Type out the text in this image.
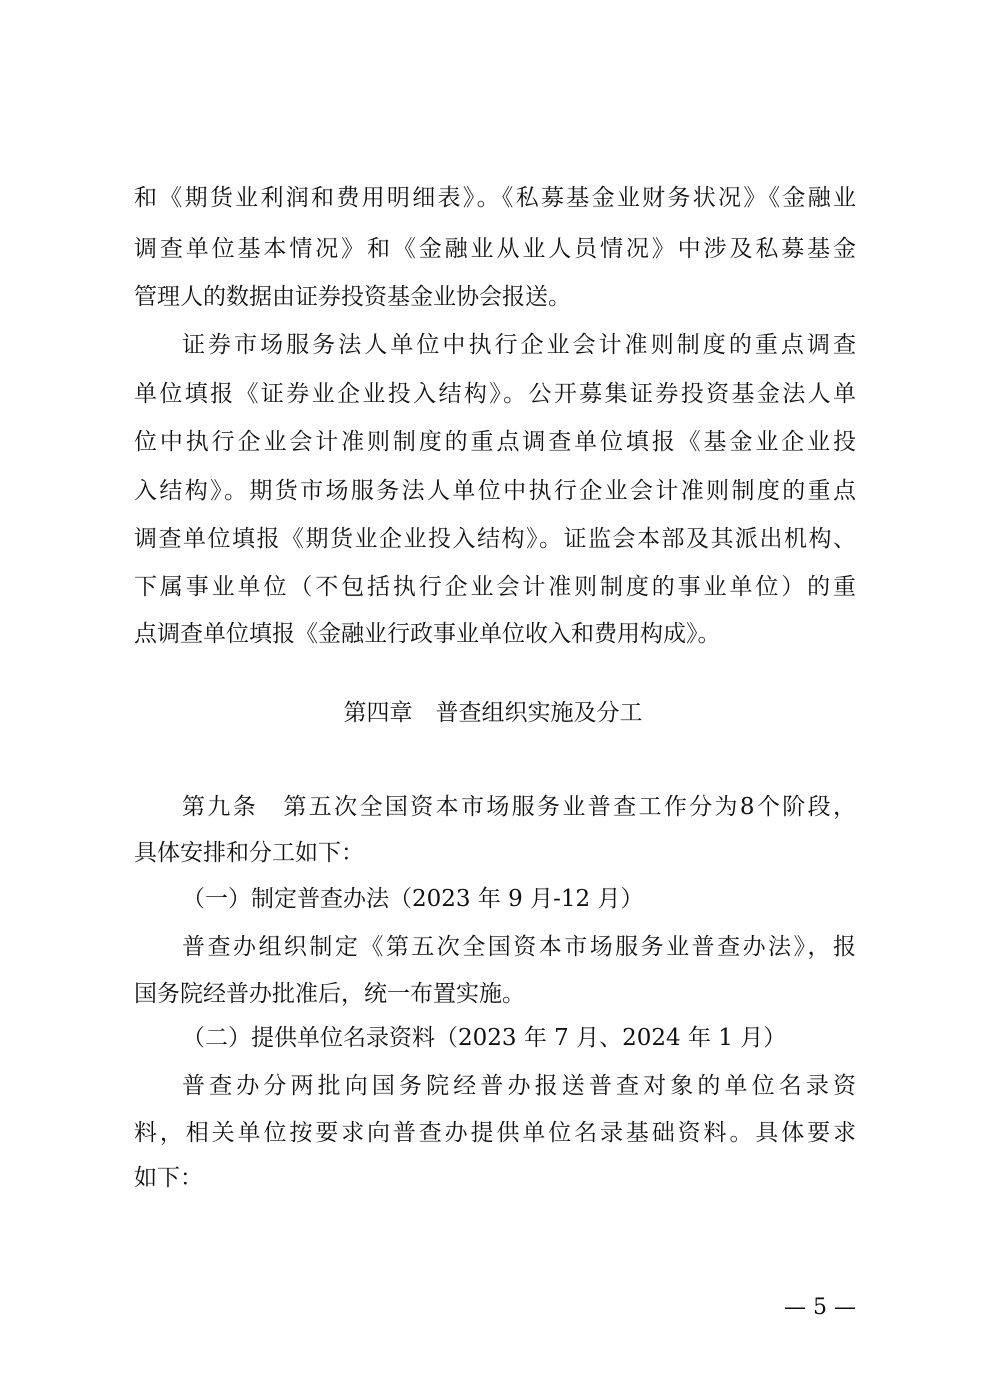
和《期货业利润和费用明细表》。《私募基金业财务状况》《金融业
调查单位基本情况》和《金融业从业人员情况》中涉及私募基金
管理人的数据由证券投资基金业协会报送。
证券市场服务法人单位中执行企业会计准则制度的重点调查
单位填报《证券业企业投入结构》。公开募集证券投资基金法人单
位中执行企业会计准则制度的重点调查单位填报《基金业企业投
入结构》。期货市场服务法人单位中执行企业会计准则制度的重点
调查单位填报《期货业企业投入结构》。证监会本部及其派出机构、
下属事业单位（不包括执行企业会计准则制度的事业单位）的重
点调查单位填报《金融业行政事业单位收入和费用构成》。
第四章　普查组织实施及分工
第九条　第五次全国资本市场服务业普查工作分为8个阶段，
具体安排和分工如下：
（一）制定普查办法（2023 年 9 月-12 月）
普查办组织制定《第五次全国资本市场服务业普查办法》，报
国务院经普办批准后，统一布置实施。
（二）提供单位名录资料（2023 年 7 月、2024 年 1 月）
普查办分两批向国务院经普办报送普查对象的单位名录资
料，相关单位按要求向普查办提供单位名录基础资料。具体要求
如下：
— 5 —
